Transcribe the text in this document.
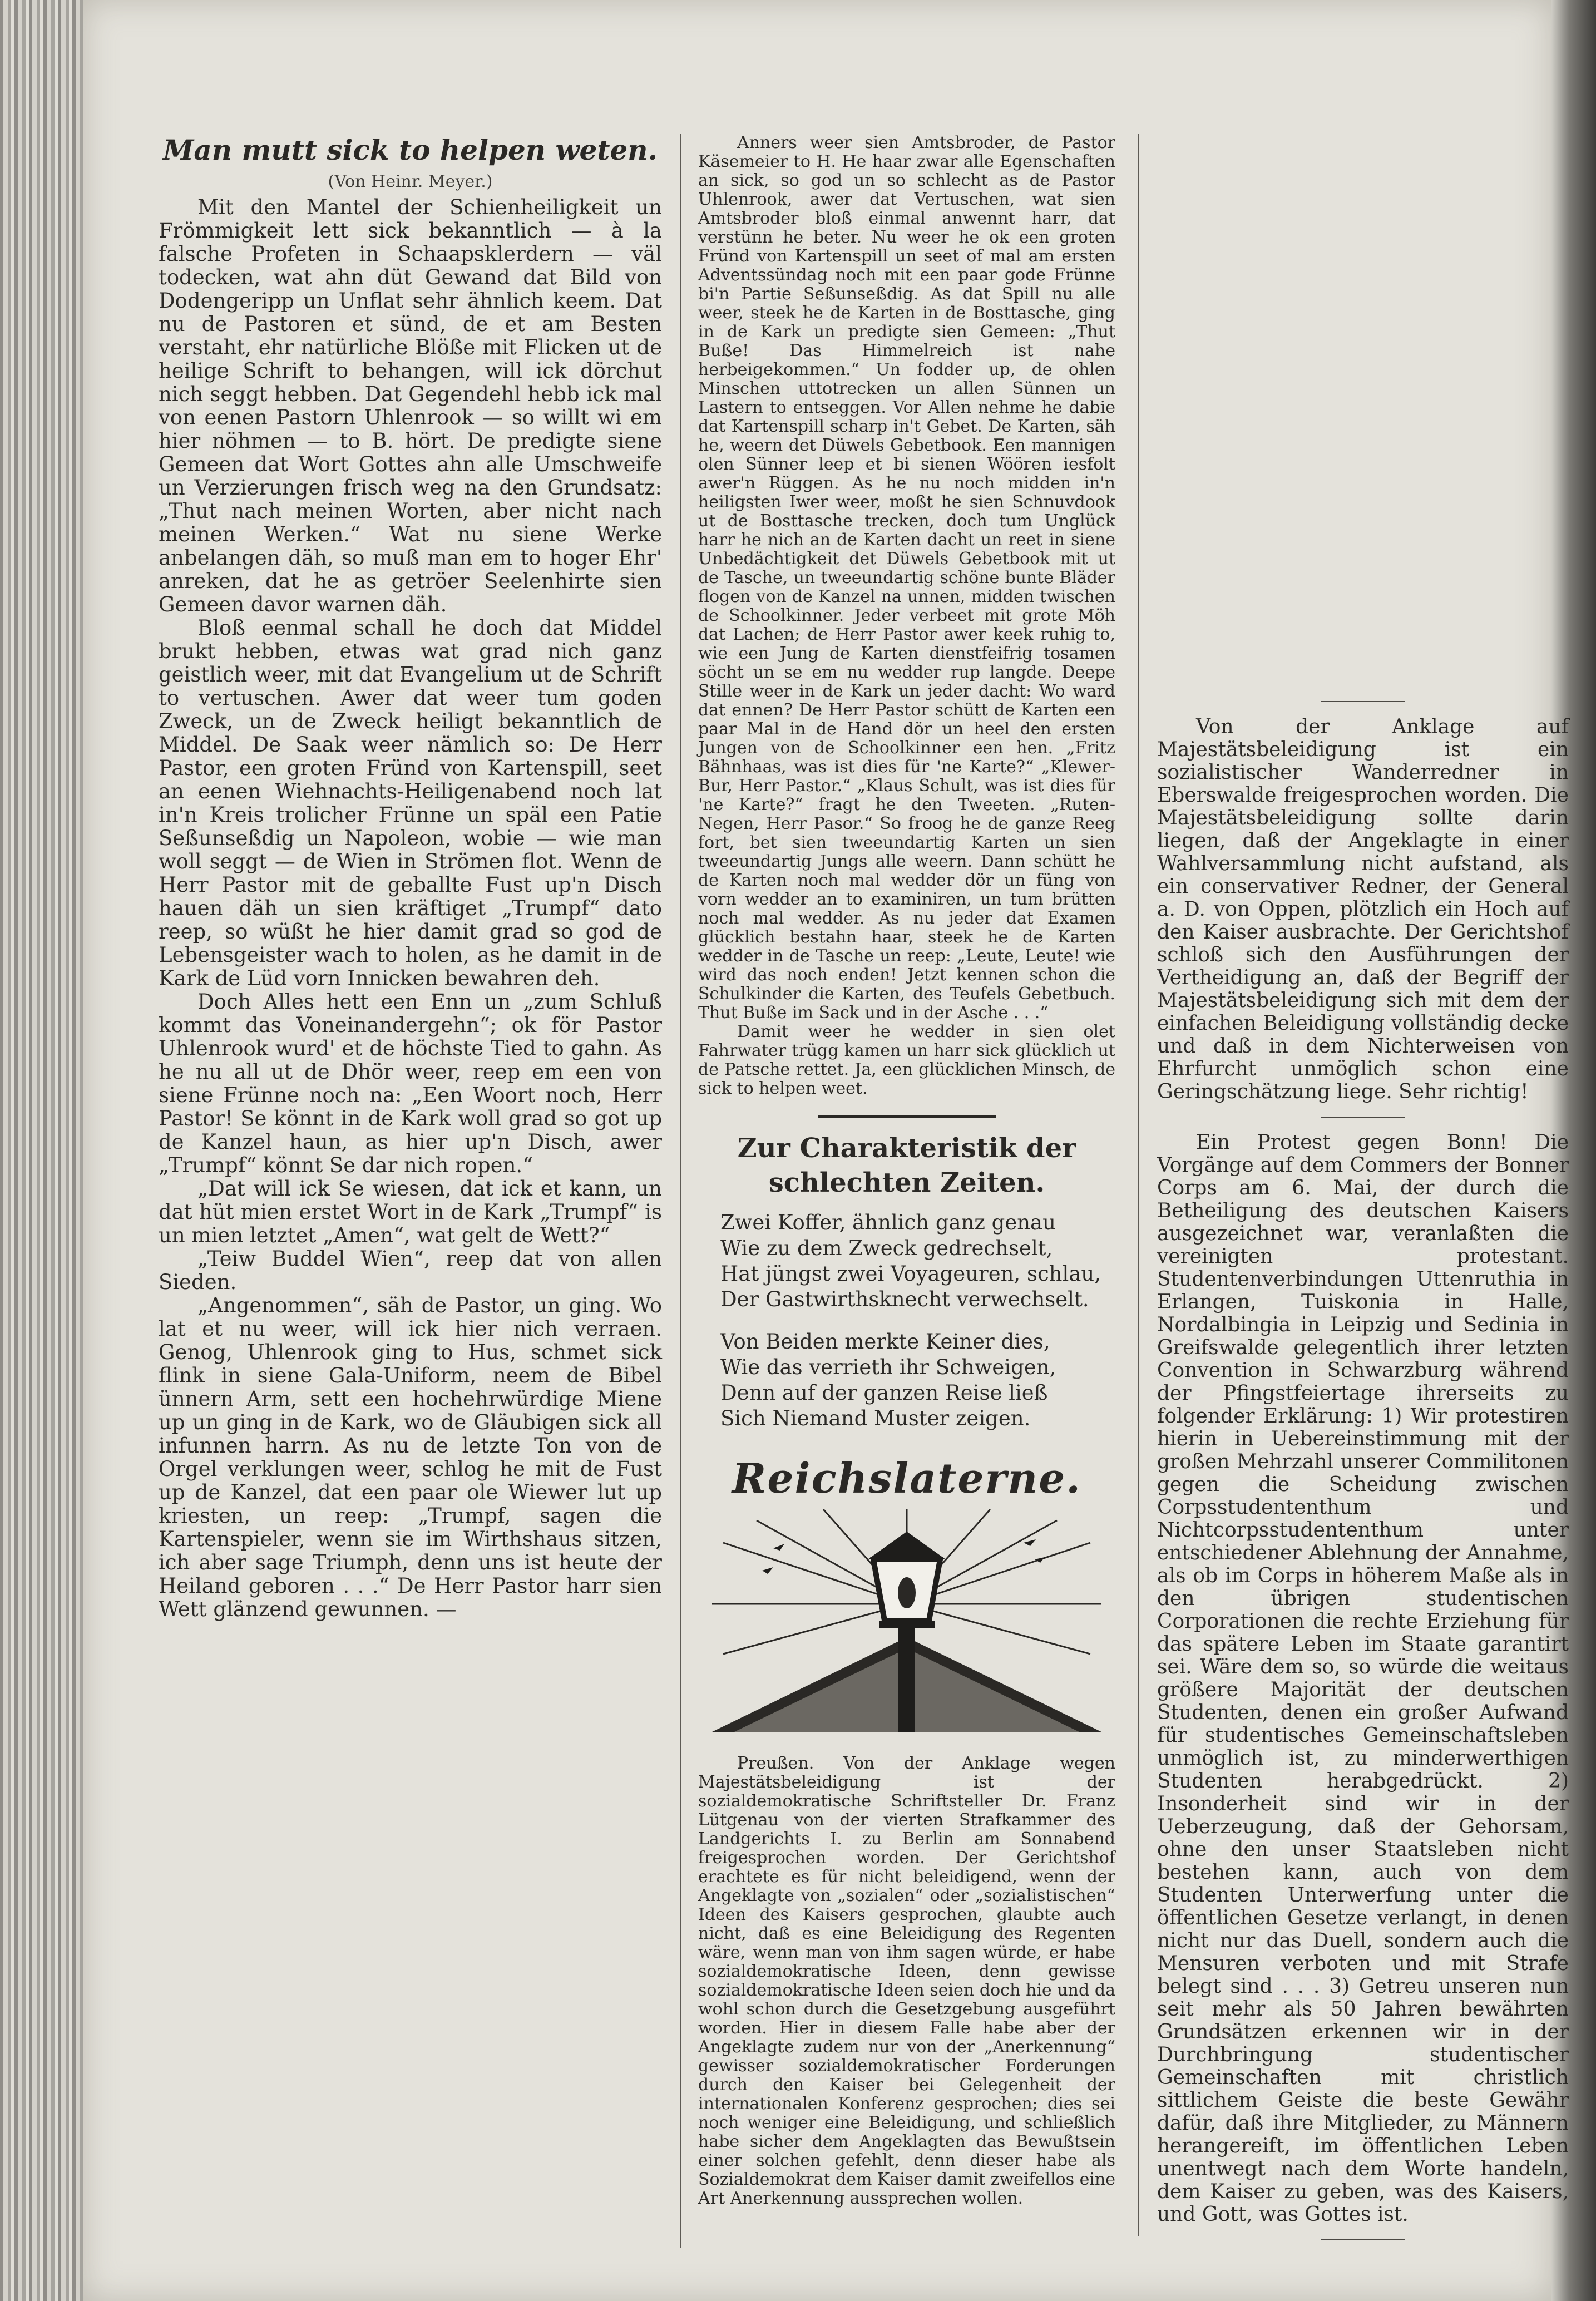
Man mutt sick to helpen weten.
(Von Heinr. Meyer.)

Mit den Mantel der Schienheiligkeit un Frömmigkeit lett sick bekanntlich — à la falsche Profeten in Schaapsklerdern — väl todecken, wat ahn düt Gewand dat Bild von Dodengeripp un Unflat sehr ähnlich keem. Dat nu de Pastoren et sünd, de et am Besten verstaht, ehr natürliche Blöße mit Flicken ut de heilige Schrift to behangen, will ick dörchut nich seggt hebben. Dat Gegendehl hebb ick mal von eenen Pastorn Uhlenrook — so willt wi em hier nöhmen — to B. hört. De predigte siene Gemeen dat Wort Gottes ahn alle Umschweife un Verzierungen frisch weg na den Grundsatz: „Thut nach meinen Worten, aber nicht nach meinen Werken.“ Wat nu siene Werke anbelangen däh, so muß man em to hoger Ehr' anreken, dat he as getröer Seelenhirte sien Gemeen davor warnen däh.

Bloß eenmal schall he doch dat Middel brukt hebben, etwas wat grad nich ganz geistlich weer, mit dat Evangelium ut de Schrift to vertuschen. Awer dat weer tum goden Zweck, un de Zweck heiligt bekanntlich de Middel. De Saak weer nämlich so: De Herr Pastor, een groten Fründ von Kartenspill, seet an eenen Wiehnachts-Heiligenabend noch lat in'n Kreis trolicher Frünne un späl een Patie Seßunseßdig un Napoleon, wobie — wie man woll seggt — de Wien in Strömen flot. Wenn de Herr Pastor mit de geballte Fust up'n Disch hauen däh un sien kräftiget „Trumpf“ dato reep, so wüßt he hier damit grad so god de Lebensgeister wach to holen, as he damit in de Kark de Lüd vorn Innicken bewahren deh.

Doch Alles hett een Enn un „zum Schluß kommt das Voneinandergehn“; ok för Pastor Uhlenrook wurd' et de höchste Tied to gahn. As he nu all ut de Dhör weer, reep em een von siene Frünne noch na: „Een Woort noch, Herr Pastor! Se könnt in de Kark woll grad so got up de Kanzel haun, as hier up'n Disch, awer „Trumpf“ könnt Se dar nich ropen.“

„Dat will ick Se wiesen, dat ick et kann, un dat hüt mien erstet Wort in de Kark „Trumpf“ is un mien letztet „Amen“, wat gelt de Wett?“

„Teiw Buddel Wien“, reep dat von allen Sieden.

„Angenommen“, säh de Pastor, un ging. Wo lat et nu weer, will ick hier nich verraen. Genog, Uhlenrook ging to Hus, schmet sick flink in siene Gala-Uniform, neem de Bibel ünnern Arm, sett een hochehrwürdige Miene up un ging in de Kark, wo de Gläubigen sick all infunnen harrn. As nu de letzte Ton von de Orgel verklungen weer, schlog he mit de Fust up de Kanzel, dat een paar ole Wiewer lut up kriesten, un reep: „Trumpf, sagen die Kartenspieler, wenn sie im Wirthshaus sitzen, ich aber sage Triumph, denn uns ist heute der Heiland geboren . . .“ De Herr Pastor harr sien Wett glänzend gewunnen. —

Anners weer sien Amtsbroder, de Pastor Käsemeier to H. He haar zwar alle Egenschaften an sick, so god un so schlecht as de Pastor Uhlenrook, awer dat Vertuschen, wat sien Amtsbroder bloß einmal anwennt harr, dat verstünn he beter. Nu weer he ok een groten Fründ von Kartenspill un seet of mal am ersten Adventssündag noch mit een paar gode Frünne bi'n Partie Seßunseßdig. As dat Spill nu alle weer, steek he de Karten in de Bosttasche, ging in de Kark un predigte sien Gemeen: „Thut Buße! Das Himmelreich ist nahe herbeigekommen.“ Un fodder up, de ohlen Minschen uttotrecken un allen Sünnen un Lastern to entseggen. Vor Allen nehme he dabie dat Kartenspill scharp in't Gebet. De Karten, säh he, weern det Düwels Gebetbook. Een mannigen olen Sünner leep et bi sienen Wöören iesfolt awer'n Rüggen. As he nu noch midden in'n heiligsten Iwer weer, moßt he sien Schnuvdook ut de Bosttasche trecken, doch tum Unglück harr he nich an de Karten dacht un reet in siene Unbedächtigkeit det Düwels Gebetbook mit ut de Tasche, un tweeundartig schöne bunte Bläder flogen von de Kanzel na unnen, midden twischen de Schoolkinner. Jeder verbeet mit grote Möh dat Lachen; de Herr Pastor awer keek ruhig to, wie een Jung de Karten dienstfeifrig tosamen söcht un se em nu wedder rup langde. Deepe Stille weer in de Kark un jeder dacht: Wo ward dat ennen? De Herr Pastor schütt de Karten een paar Mal in de Hand dör un heel den ersten Jungen von de Schoolkinner een hen. „Fritz Bähnhaas, was ist dies für 'ne Karte?“ „Klewer-Bur, Herr Pastor.“ „Klaus Schult, was ist dies für 'ne Karte?“ fragt he den Tweeten. „Ruten-Negen, Herr Pasor.“ So froog he de ganze Reeg fort, bet sien tweeundartig Karten un sien tweeundartig Jungs alle weern. Dann schütt he de Karten noch mal wedder dör un füng von vorn wedder an to examiniren, un tum brütten noch mal wedder. As nu jeder dat Examen glücklich bestahn haar, steek he de Karten wedder in de Tasche un reep: „Leute, Leute! wie wird das noch enden! Jetzt kennen schon die Schulkinder die Karten, des Teufels Gebetbuch. Thut Buße im Sack und in der Asche . . .“

Damit weer he wedder in sien olet Fahrwater trügg kamen un harr sick glücklich ut de Patsche rettet. Ja, een glücklichen Minsch, de sick to helpen weet.

Zur Charakteristik der schlechten Zeiten.
Zwei Koffer, ähnlich ganz genau
Wie zu dem Zweck gedrechselt,
Hat jüngst zwei Voyageuren, schlau,
Der Gastwirthsknecht verwechselt.
Von Beiden merkte Keiner dies,
Wie das verrieth ihr Schweigen,
Denn auf der ganzen Reise ließ
Sich Niemand Muster zeigen.
Reichslaterne.

Preußen. Von der Anklage wegen Majestätsbeleidigung ist der sozialdemokratische Schriftsteller Dr. Franz Lütgenau von der vierten Strafkammer des Landgerichts I. zu Berlin am Sonnabend freigesprochen worden. Der Gerichtshof erachtete es für nicht beleidigend, wenn der Angeklagte von „sozialen“ oder „sozialistischen“ Ideen des Kaisers gesprochen, glaubte auch nicht, daß es eine Beleidigung des Regenten wäre, wenn man von ihm sagen würde, er habe sozialdemokratische Ideen, denn gewisse sozialdemokratische Ideen seien doch hie und da wohl schon durch die Gesetzgebung ausgeführt worden. Hier in diesem Falle habe aber der Angeklagte zudem nur von der „Anerkennung“ gewisser sozialdemokratischer Forderungen durch den Kaiser bei Gelegenheit der internationalen Konferenz gesprochen; dies sei noch weniger eine Beleidigung, und schließlich habe sicher dem Angeklagten das Bewußtsein einer solchen gefehlt, denn dieser habe als Sozialdemokrat dem Kaiser damit zweifellos eine Art Anerkennung aussprechen wollen.

Von der Anklage auf Majestätsbeleidigung ist ein sozialistischer Wanderredner in Eberswalde freigesprochen worden. Die Majestätsbeleidigung sollte darin liegen, daß der Angeklagte in einer Wahlversammlung nicht aufstand, als ein conservativer Redner, der General a. D. von Oppen, plötzlich ein Hoch auf den Kaiser ausbrachte. Der Gerichtshof schloß sich den Ausführungen der Vertheidigung an, daß der Begriff der Majestätsbeleidigung sich mit dem der einfachen Beleidigung vollständig decke und daß in dem Nichterweisen von Ehrfurcht unmöglich schon eine Geringschätzung liege. Sehr richtig!

Ein Protest gegen Bonn! Die Vorgänge auf dem Commers der Bonner Corps am 6. Mai, der durch die Betheiligung des deutschen Kaisers ausgezeichnet war, veranlaßten die vereinigten protestant. Studentenverbindungen Uttenruthia in Erlangen, Tuiskonia in Halle, Nordalbingia in Leipzig und Sedinia in Greifswalde gelegentlich ihrer letzten Convention in Schwarzburg während der Pfingstfeiertage ihrerseits zu folgender Erklärung: 1) Wir protestiren hierin in Uebereinstimmung mit der großen Mehrzahl unserer Commilitonen gegen die Scheidung zwischen Corpsstudententhum und Nichtcorpsstudententhum unter entschiedener Ablehnung der Annahme, als ob im Corps in höherem Maße als in den übrigen studentischen Corporationen die rechte Erziehung für das spätere Leben im Staate garantirt sei. Wäre dem so, so würde die weitaus größere Majorität der deutschen Studenten, denen ein großer Aufwand für studentisches Gemeinschaftsleben unmöglich ist, zu minderwerthigen Studenten herabgedrückt. 2) Insonderheit sind wir in der Ueberzeugung, daß der Gehorsam, ohne den unser Staatsleben nicht bestehen kann, auch von dem Studenten Unterwerfung unter die öffentlichen Gesetze verlangt, in denen nicht nur das Duell, sondern auch die Mensuren verboten und mit Strafe belegt sind . . . 3) Getreu unseren nun seit mehr als 50 Jahren bewährten Grundsätzen erkennen wir in der Durchbringung studentischer Gemeinschaften mit christlich sittlichem Geiste die beste Gewähr dafür, daß ihre Mitglieder, zu Männern herangereift, im öffentlichen Leben unentwegt nach dem Worte handeln, dem Kaiser zu geben, was des Kaisers, und Gott, was Gottes ist.
